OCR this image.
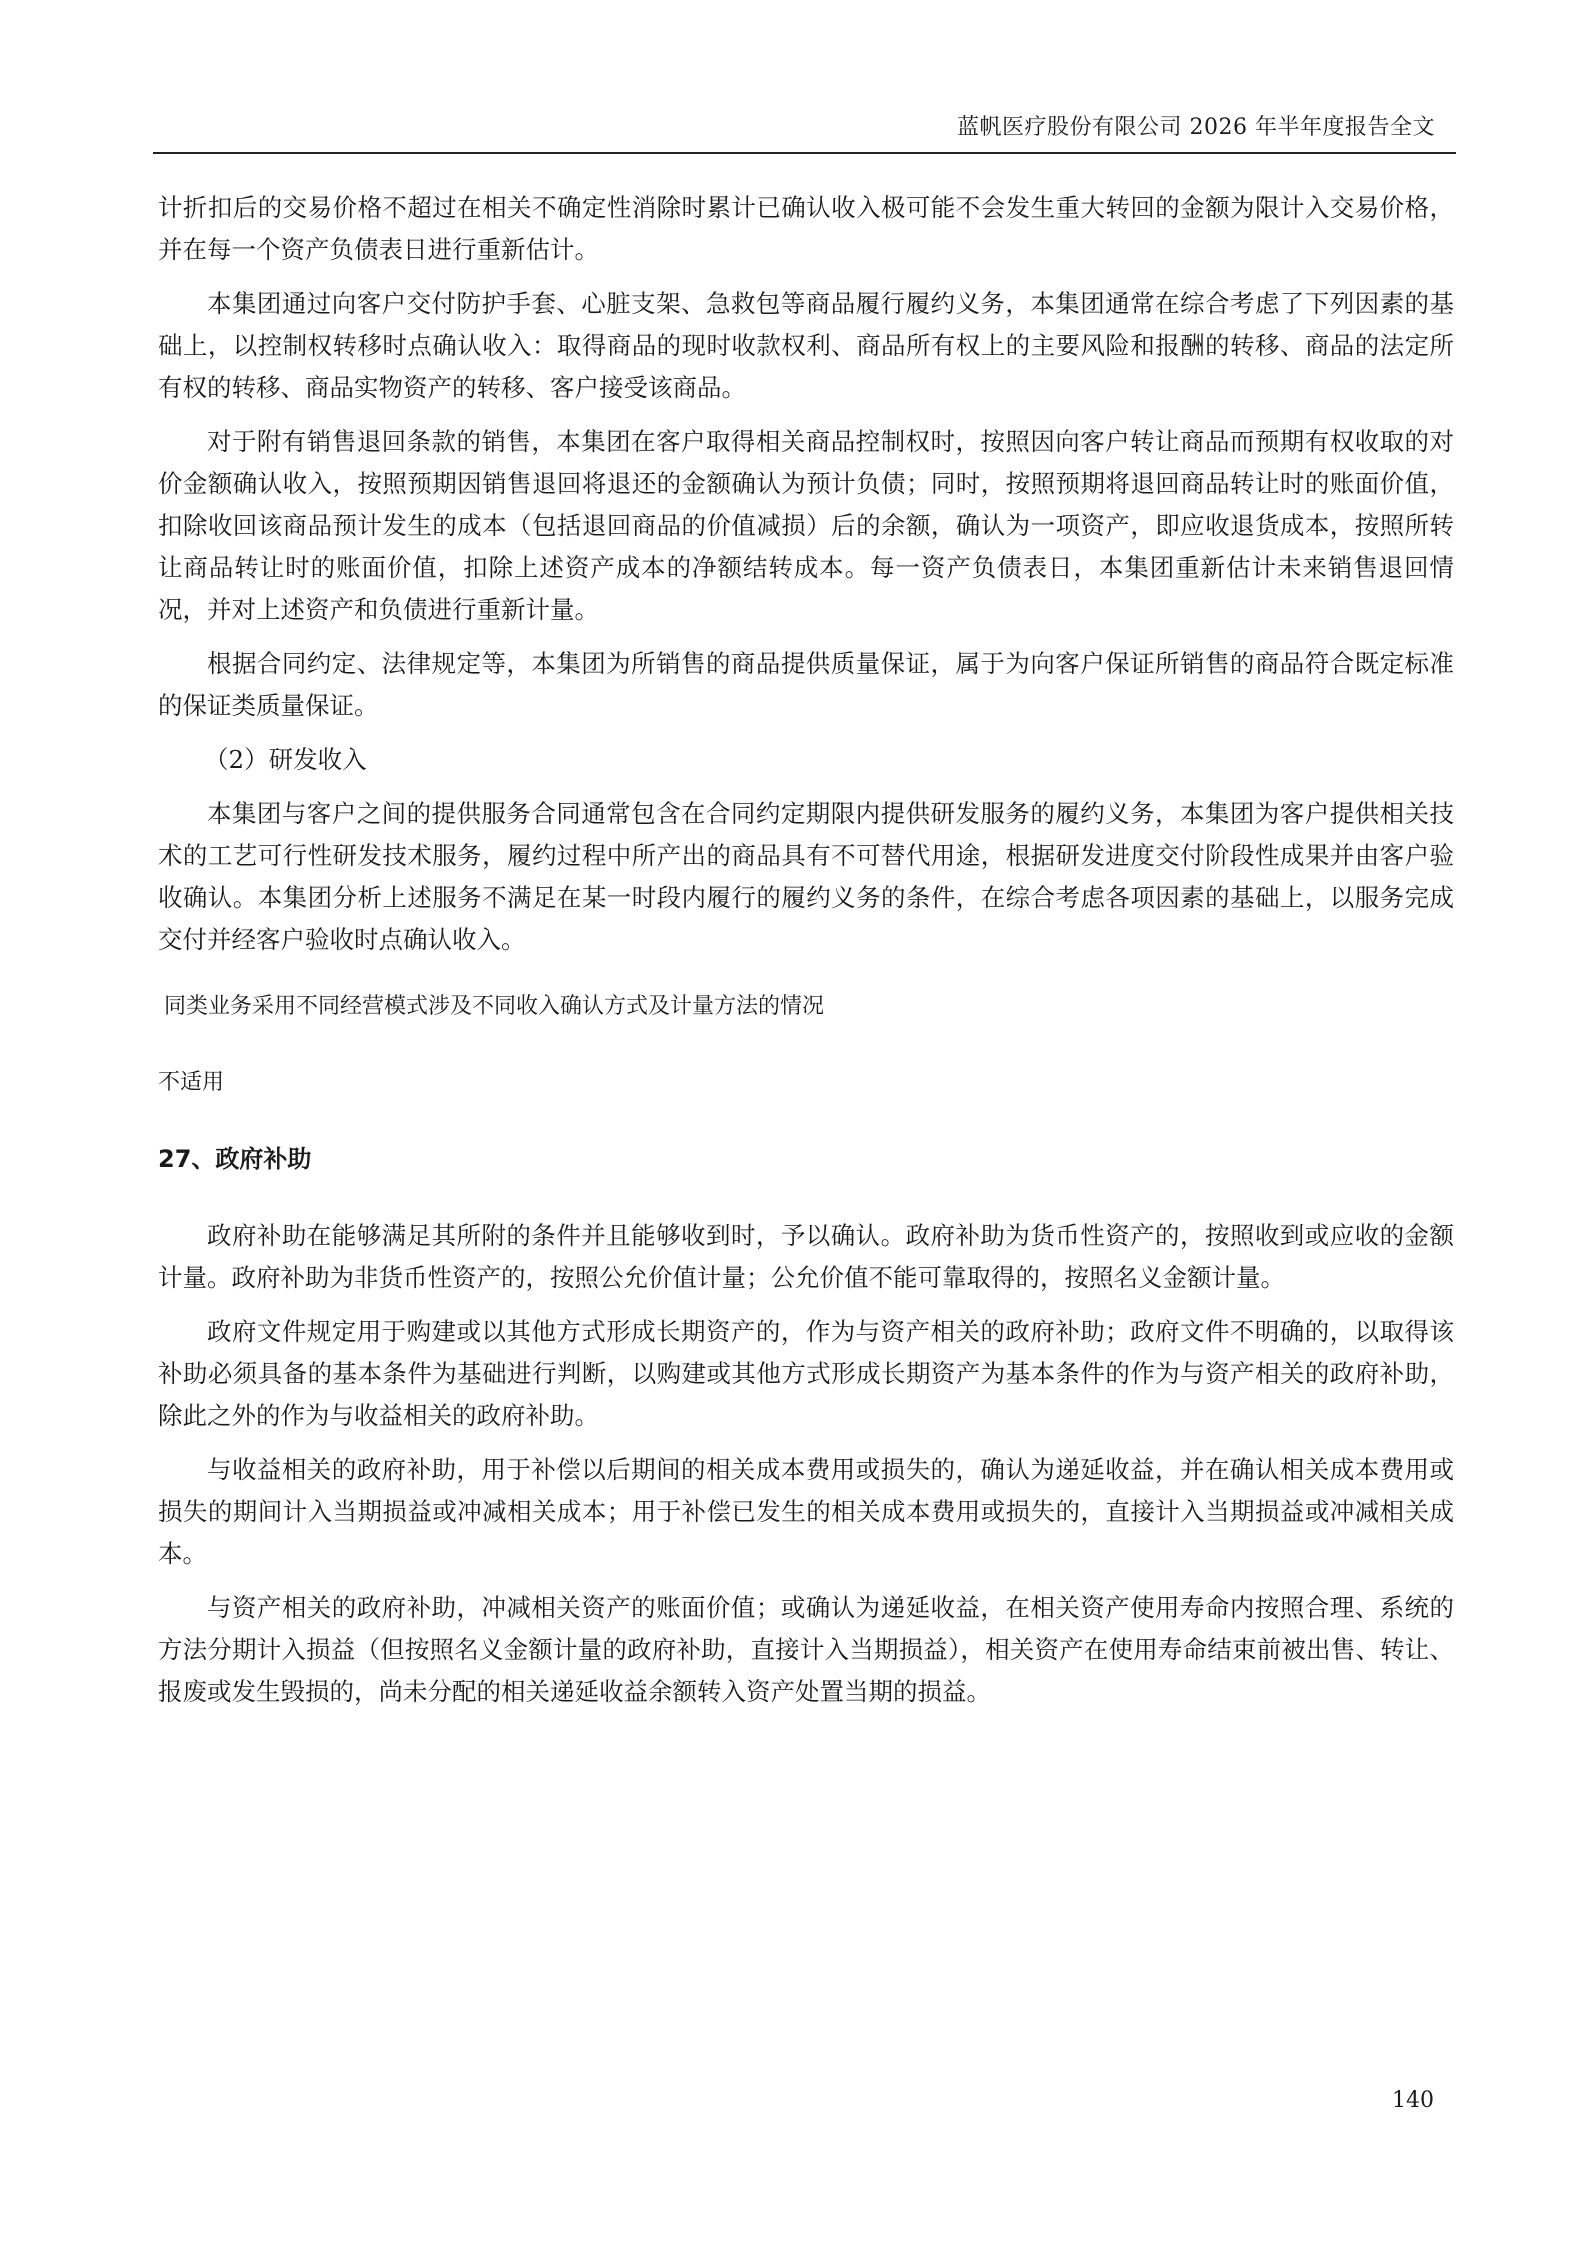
蓝帆医疗股份有限公司 2026 年半年度报告全文

计折扣后的交易价格不超过在相关不确定性消除时累计已确认收入极可能不会发生重大转回的金额为限计入交易价格，并在每一个资产负债表日进行重新估计。

本集团通过向客户交付防护手套、心脏支架、急救包等商品履行履约义务，本集团通常在综合考虑了下列因素的基础上，以控制权转移时点确认收入：取得商品的现时收款权利、商品所有权上的主要风险和报酬的转移、商品的法定所有权的转移、商品实物资产的转移、客户接受该商品。

对于附有销售退回条款的销售，本集团在客户取得相关商品控制权时，按照因向客户转让商品而预期有权收取的对价金额确认收入，按照预期因销售退回将退还的金额确认为预计负债；同时，按照预期将退回商品转让时的账面价值，扣除收回该商品预计发生的成本（包括退回商品的价值减损）后的余额，确认为一项资产，即应收退货成本，按照所转让商品转让时的账面价值，扣除上述资产成本的净额结转成本。每一资产负债表日，本集团重新估计未来销售退回情况，并对上述资产和负债进行重新计量。

根据合同约定、法律规定等，本集团为所销售的商品提供质量保证，属于为向客户保证所销售的商品符合既定标准的保证类质量保证。

（2）研发收入

本集团与客户之间的提供服务合同通常包含在合同约定期限内提供研发服务的履约义务，本集团为客户提供相关技术的工艺可行性研发技术服务，履约过程中所产出的商品具有不可替代用途，根据研发进度交付阶段性成果并由客户验收确认。本集团分析上述服务不满足在某一时段内履行的履约义务的条件，在综合考虑各项因素的基础上，以服务完成交付并经客户验收时点确认收入。

同类业务采用不同经营模式涉及不同收入确认方式及计量方法的情况
不适用
27、政府补助

政府补助在能够满足其所附的条件并且能够收到时，予以确认。政府补助为货币性资产的，按照收到或应收的金额计量。政府补助为非货币性资产的，按照公允价值计量；公允价值不能可靠取得的，按照名义金额计量。

政府文件规定用于购建或以其他方式形成长期资产的，作为与资产相关的政府补助；政府文件不明确的，以取得该补助必须具备的基本条件为基础进行判断，以购建或其他方式形成长期资产为基本条件的作为与资产相关的政府补助，除此之外的作为与收益相关的政府补助。

与收益相关的政府补助，用于补偿以后期间的相关成本费用或损失的，确认为递延收益，并在确认相关成本费用或损失的期间计入当期损益或冲减相关成本；用于补偿已发生的相关成本费用或损失的，直接计入当期损益或冲减相关成本。

与资产相关的政府补助，冲减相关资产的账面价值；或确认为递延收益，在相关资产使用寿命内按照合理、系统的方法分期计入损益（但按照名义金额计量的政府补助，直接计入当期损益），相关资产在使用寿命结束前被出售、转让、报废或发生毁损的，尚未分配的相关递延收益余额转入资产处置当期的损益。

140
